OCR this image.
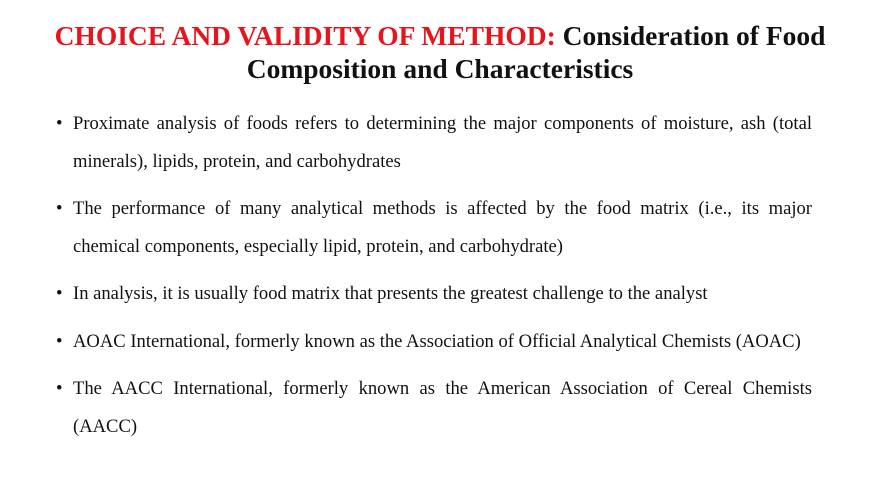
CHOICE AND VALIDITY OF METHOD: Consideration of Food Composition and Characteristics
• Proximate analysis of foods refers to determining the major components of moisture, ash (total minerals), lipids, protein, and carbohydrates
• The performance of many analytical methods is affected by the food matrix (i.e., its major chemical components, especially lipid, protein, and carbohydrate)
• In analysis, it is usually food matrix that presents the greatest challenge to the analyst
• AOAC International, formerly known as the Association of Official Analytical Chemists (AOAC)
• The AACC International, formerly known as the American Association of Cereal Chemists (AACC)
